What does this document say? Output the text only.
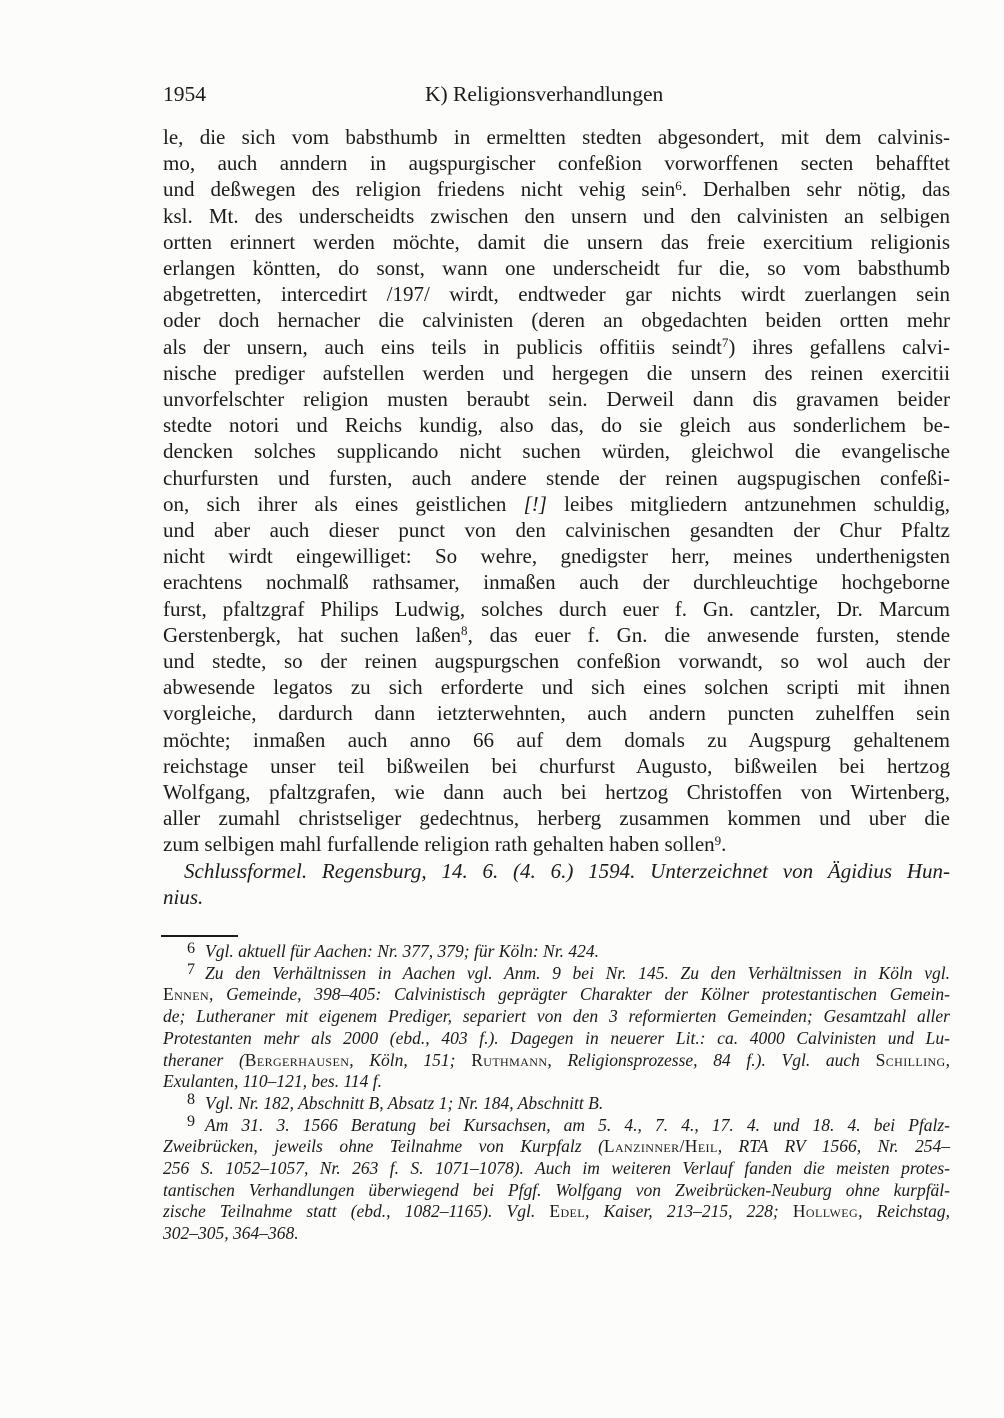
1954	K) Religionsverhandlungen
le, die sich vom babsthumb in ermeltten stedten abgesondert, mit dem calvinis-
mo, auch anndern in augspurgischer confeßion vorworffenen secten behafftet
und deßwegen des religion friedens nicht vehig sein$^6$. Derhalben sehr nötig, das
ksl. Mt. des underscheidts zwischen den unsern und den calvinisten an selbigen
ortten erinnert werden möchte, damit die unsern das freie exercitium religionis
erlangen köntten, do sonst, wann one underscheidt fur die, so vom babsthumb
abgetretten, intercedirt /197/ wirdt, endtweder gar nichts wirdt zuerlangen sein
oder doch hernacher die calvinisten (deren an obgedachten beiden ortten mehr
als der unsern, auch eins teils in publicis offitiis seindt$^7$) ihres gefallens calvi-
nische prediger aufstellen werden und hergegen die unsern des reinen exercitii
unvorfelschter religion musten beraubt sein. Derweil dann dis gravamen beider
stedte notori und Reichs kundig, also das, do sie gleich aus sonderlichem be-
dencken solches supplicando nicht suchen würden, gleichwol die evangelische
churfursten und fursten, auch andere stende der reinen augspugischen confeßi-
on, sich ihrer als eines geistlichen [!] leibes mitgliedern antzunehmen schuldig,
und aber auch dieser punct von den calvinischen gesandten der Chur Pfaltz
nicht wirdt eingewilliget: So wehre, gnedigster herr, meines underthenigsten
erachtens nochmalß rathsamer, inmaßen auch der durchleuchtige hochgeborne
furst, pfaltzgraf Philips Ludwig, solches durch euer f. Gn. cantzler, Dr. Marcum
Gerstenbergk, hat suchen laßen$^8$, das euer f. Gn. die anwesende fursten, stende
und stedte, so der reinen augspurgschen confeßion vorwandt, so wol auch der
abwesende legatos zu sich erforderte und sich eines solchen scripti mit ihnen
vorgleiche, dardurch dann ietzterwehnten, auch andern puncten zuhelffen sein
möchte; inmaßen auch anno 66 auf dem domals zu Augspurg gehaltenem
reichstage unser teil bißweilen bei churfurst Augusto, bißweilen bei hertzog
Wolfgang, pfaltzgrafen, wie dann auch bei hertzog Christoffen von Wirtenberg,
aller zumahl christseliger gedechtnus, herberg zusammen kommen und uber die
zum selbigen mahl furfallende religion rath gehalten haben sollen$^9$.
Schlussformel. Regensburg, 14. 6. (4. 6.) 1594. Unterzeichnet von Ägidius Hun-
nius.
6 Vgl. aktuell für Aachen: Nr. 377, 379; für Köln: Nr. 424.
7 Zu den Verhältnissen in Aachen vgl. Anm. 9 bei Nr. 145. Zu den Verhältnissen in Köln vgl.
Ennen, Gemeinde, 398–405: Calvinistisch geprägter Charakter der Kölner protestantischen Gemein-
de; Lutheraner mit eigenem Prediger, separiert von den 3 reformierten Gemeinden; Gesamtzahl aller
Protestanten mehr als 2000 (ebd., 403 f.). Dagegen in neuerer Lit.: ca. 4000 Calvinisten und Lu-
theraner (Bergerhausen, Köln, 151; Ruthmann, Religionsprozesse, 84 f.). Vgl. auch Schilling,
Exulanten, 110–121, bes. 114 f.
8 Vgl. Nr. 182, Abschnitt B, Absatz 1; Nr. 184, Abschnitt B.
9 Am 31. 3. 1566 Beratung bei Kursachsen, am 5. 4., 7. 4., 17. 4. und 18. 4. bei Pfalz-
Zweibrücken, jeweils ohne Teilnahme von Kurpfalz (Lanzinner/Heil, RTA RV 1566, Nr. 254–
256 S. 1052–1057, Nr. 263 f. S. 1071–1078). Auch im weiteren Verlauf fanden die meisten protes-
tantischen Verhandlungen überwiegend bei Pfgf. Wolfgang von Zweibrücken-Neuburg ohne kurpfäl-
zische Teilnahme statt (ebd., 1082–1165). Vgl. Edel, Kaiser, 213–215, 228; Hollweg, Reichstag,
302–305, 364–368.
